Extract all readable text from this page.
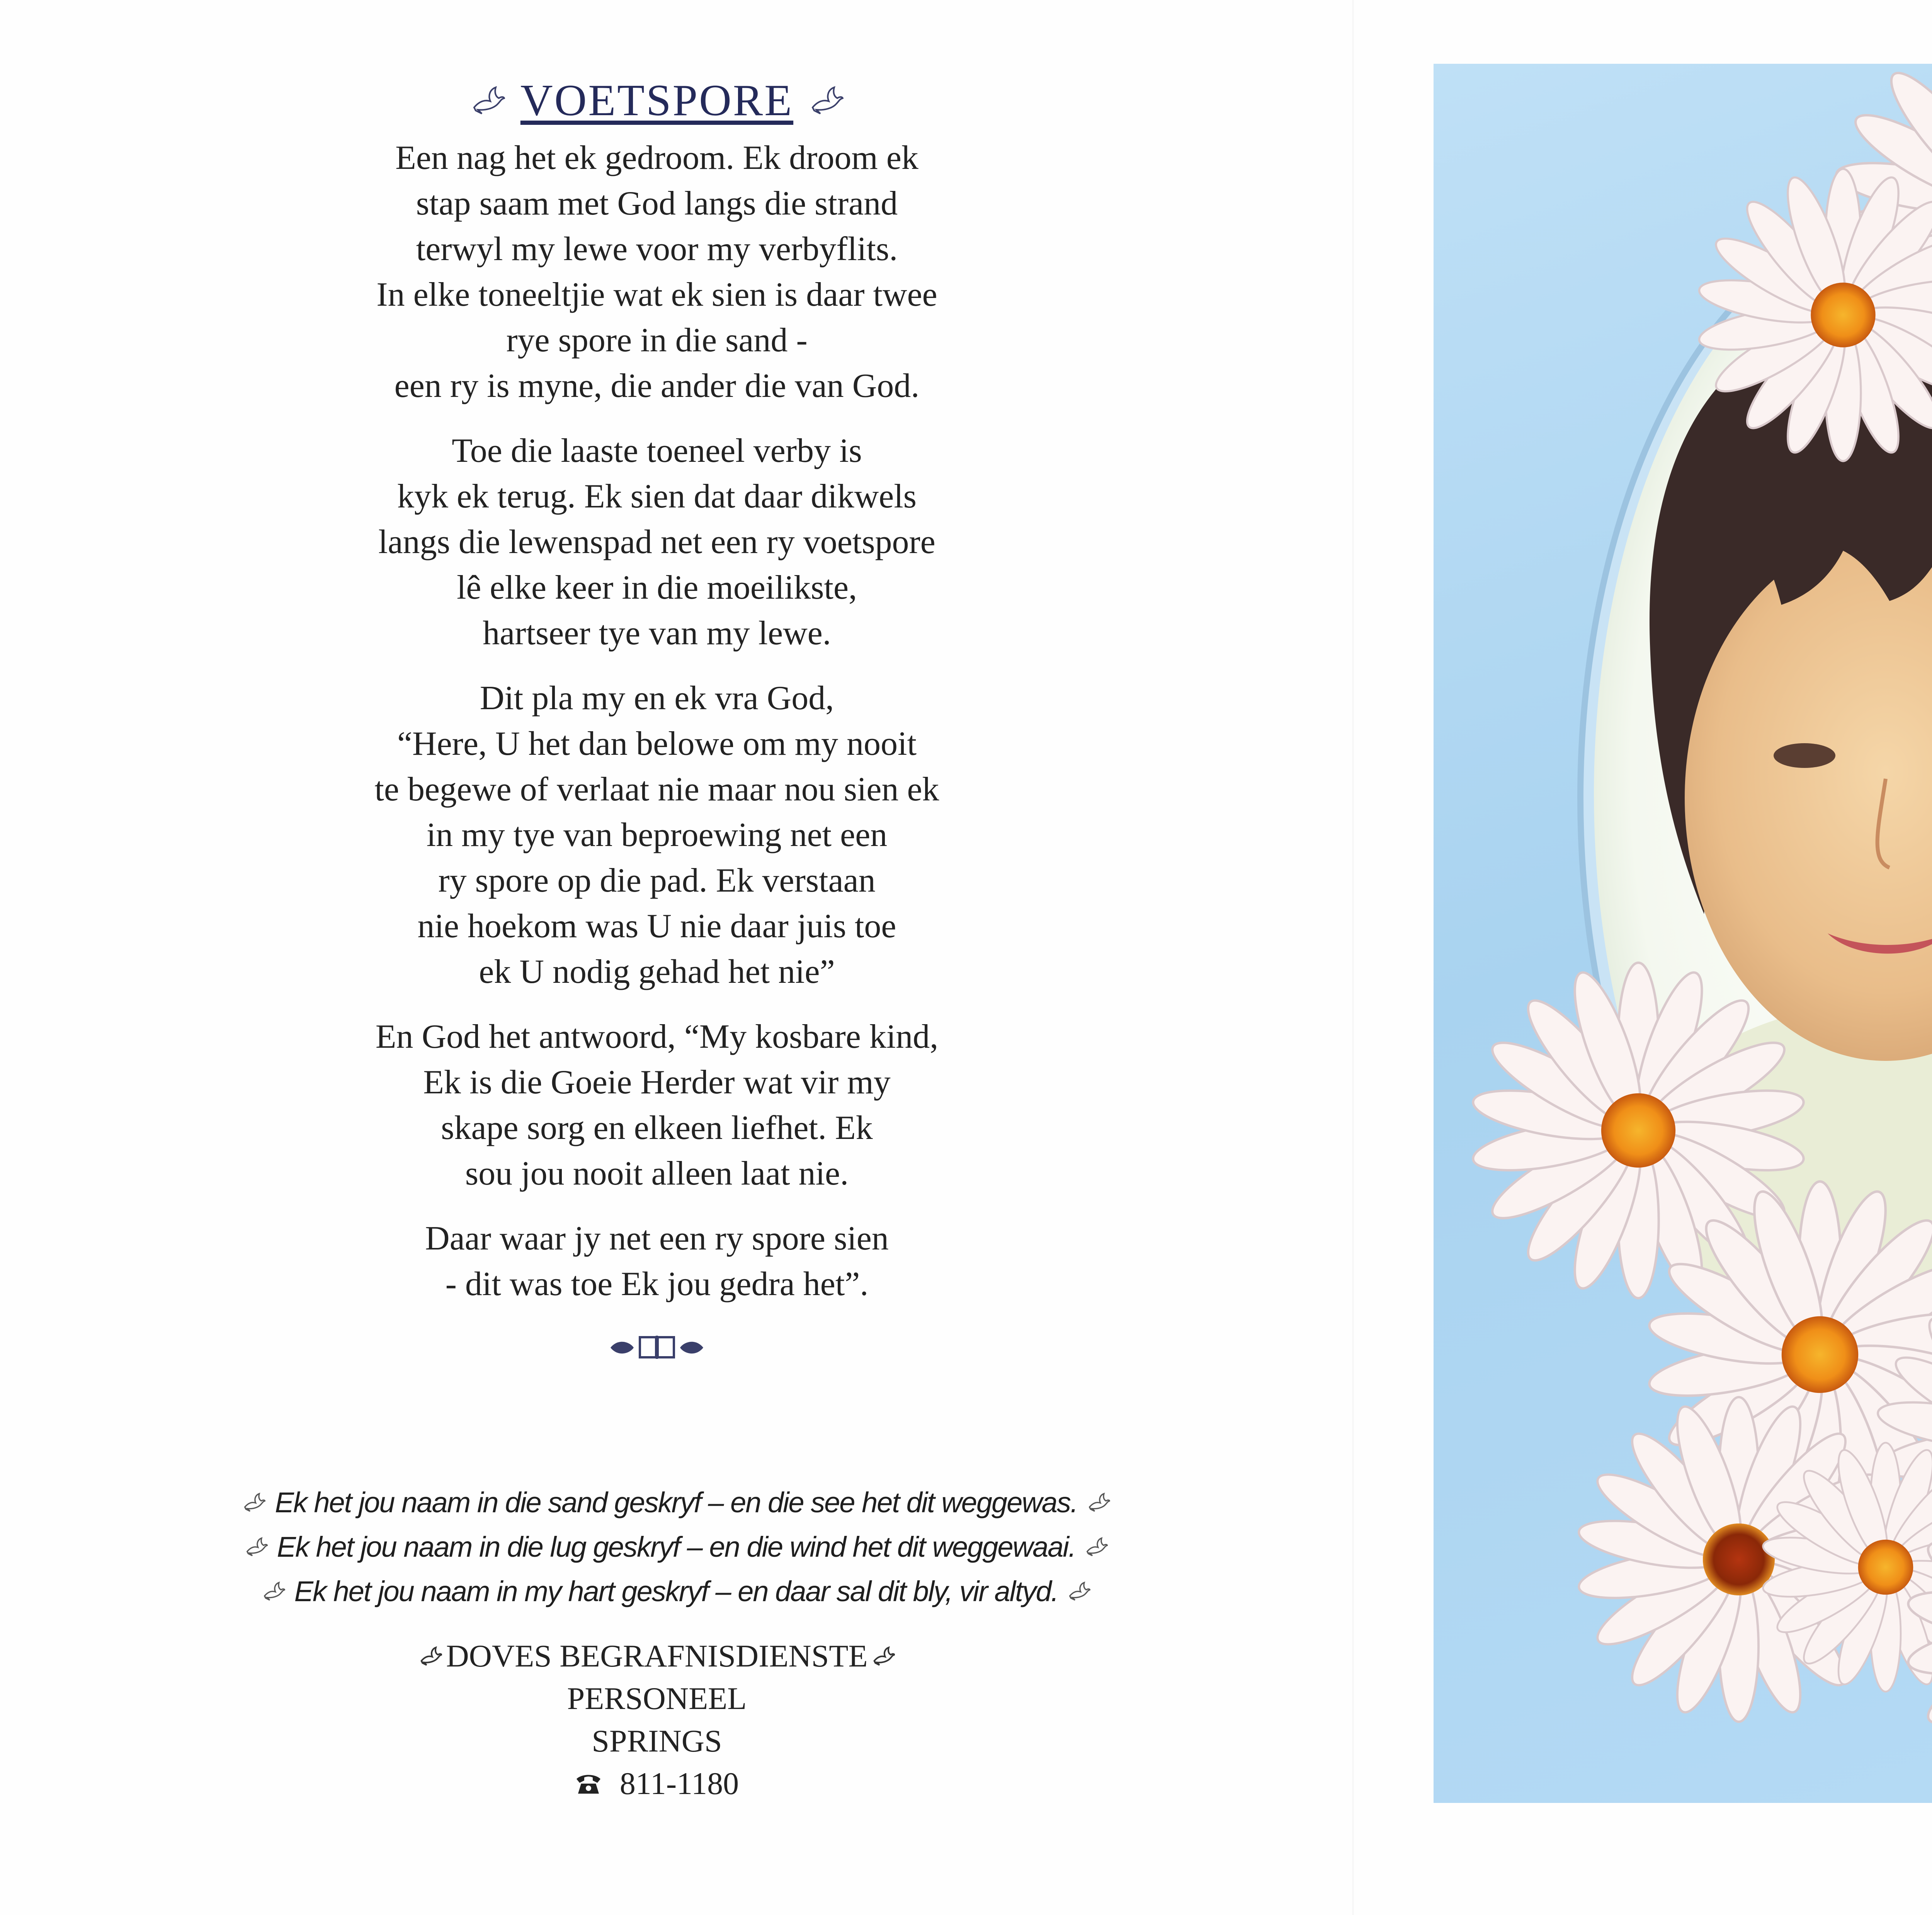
VOETSPORE
Een nag het ek gedroom. Ek droom ek
stap saam met God langs die strand
terwyl my lewe voor my verbyflits.
In elke toneeltjie wat ek sien is daar twee
rye spore in die sand -
een ry is myne, die ander die van God.
Toe die laaste toeneel verby is
kyk ek terug. Ek sien dat daar dikwels
langs die lewenspad net een ry voetspore
lê elke keer in die moeilikste,
hartseer tye van my lewe.
Dit pla my en ek vra God,
“Here, U het dan belowe om my nooit
te begewe of verlaat nie maar nou sien ek
in my tye van beproewing net een
ry spore op die pad. Ek verstaan
nie hoekom was U nie daar juis toe
ek U nodig gehad het nie”
En God het antwoord, “My kosbare kind,
Ek is die Goeie Herder wat vir my
skape sorg en elkeen liefhet. Ek
sou jou nooit alleen laat nie.
Daar waar jy net een ry spore sien
- dit was toe Ek jou gedra het”.
Ek het jou naam in die sand geskryf – en die see het dit weggewas.
Ek het jou naam in die lug geskryf – en die wind het dit weggewaai.
Ek het jou naam in my hart geskryf – en daar sal dit bly, vir altyd.
DOVES BEGRAFNISDIENSTE
PERSONEEL
SPRINGS
811-1180
